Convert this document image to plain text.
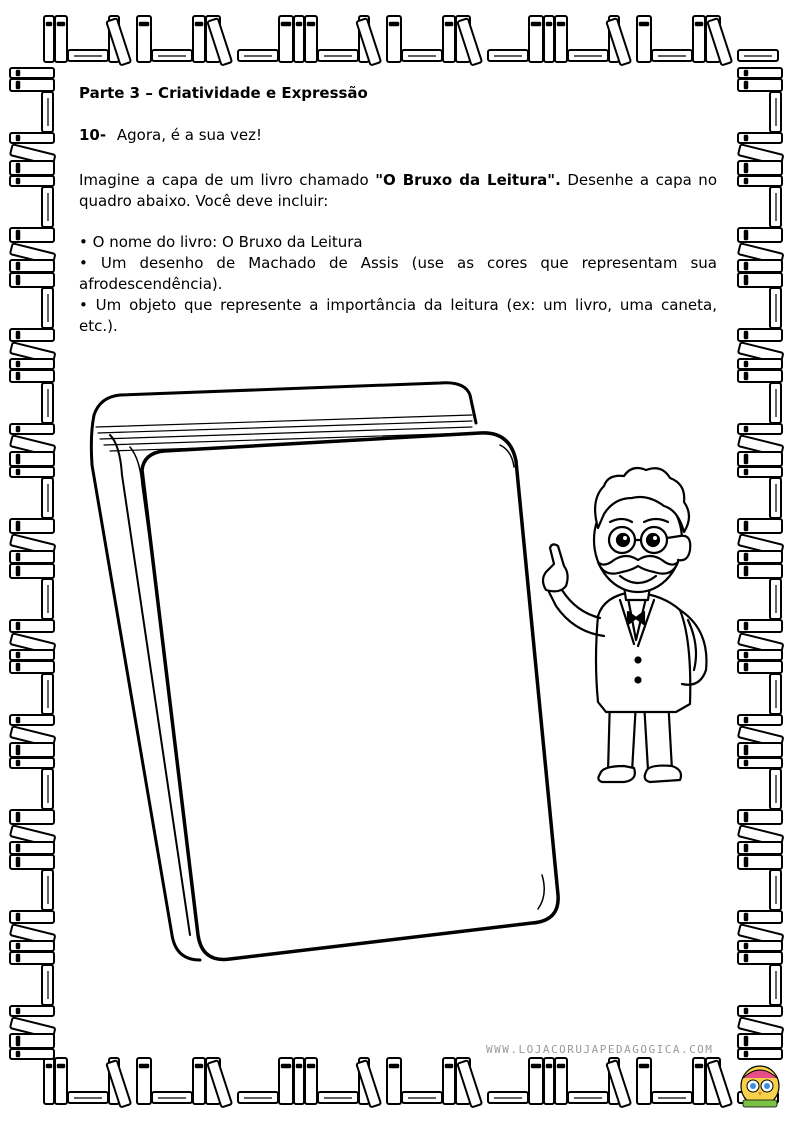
Parte 3 – Criatividade e Expressão

10- Agora, é a sua vez!

Imagine a capa de um livro chamado "O Bruxo da Leitura". Desenhe a capa no quadro abaixo. Você deve incluir:

• O nome do livro: O Bruxo da Leitura
• Um desenho de Machado de Assis (use as cores que representam sua afrodescendência).
• Um objeto que represente a importância da leitura (ex: um livro, uma caneta, etc.).
WWW.LOJACORUJAPEDAGOGICA.COM
